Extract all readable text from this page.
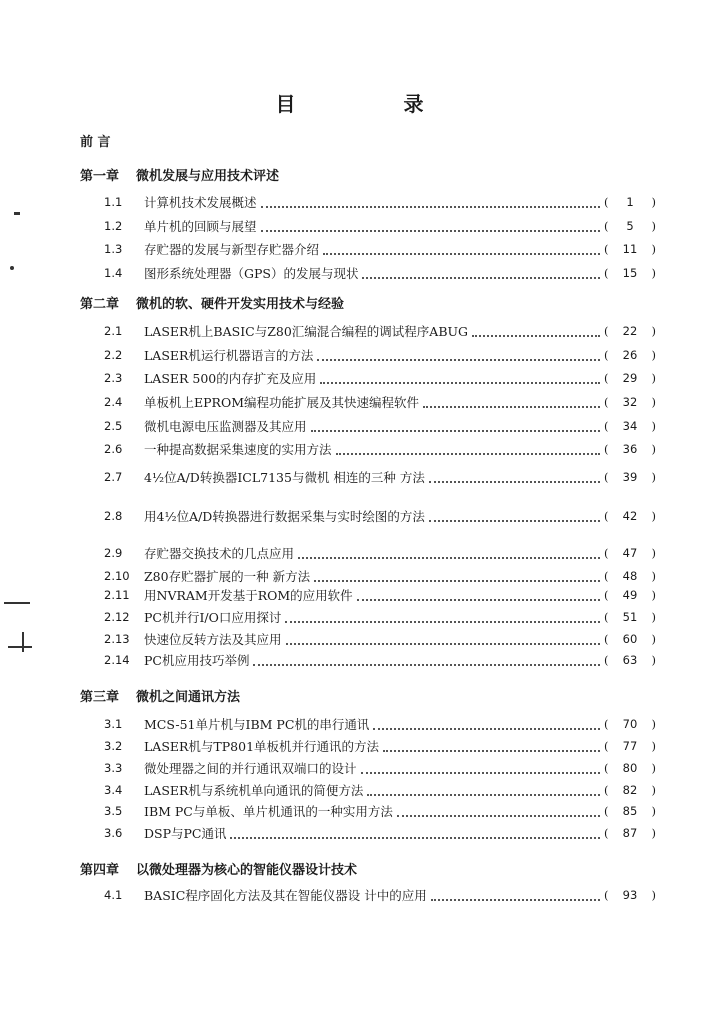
目　录
前 言
第一章 微机发展与应用技术评述
1.1	计算机技术发展概述	( 1 )
1.2	单片机的回顾与展望	( 5 )
1.3	存贮器的发展与新型存贮器介绍	( 11 )
1.4	图形系统处理器（GPS）的发展与现状	( 15 )
第二章 微机的软、硬件开发实用技术与经验
2.1	LASER机上BASIC与Z80汇编混合编程的调试程序ABUG	( 22 )
2.2	LASER机运行机器语言的方法	( 26 )
2.3	LASER 500的内存扩充及应用	( 29 )
2.4	单板机上EPROM编程功能扩展及其快速编程软件	( 32 )
2.5	微机电源电压监测器及其应用	( 34 )
2.6	一种提高数据采集速度的实用方法	( 36 )
2.7	4½位A/D转换器ICL7135与微机 相连的三种 方法	( 39 )
2.8	用4½位A/D转换器进行数据采集与实时绘图的方法	( 42 )
2.9	存贮器交换技术的几点应用	( 47 )
2.10	Z80存贮器扩展的一种 新方法	( 48 )
2.11	用NVRAM开发基于ROM的应用软件	( 49 )
2.12	PC机并行I/O口应用探讨	( 51 )
2.13	快速位反转方法及其应用	( 60 )
2.14	PC机应用技巧举例	( 63 )
第三章 微机之间通讯方法
3.1	MCS-51单片机与IBM PC机的串行通讯	( 70 )
3.2	LASER机与TP801单板机并行通讯的方法	( 77 )
3.3	微处理器之间的并行通讯双端口的设计	( 80 )
3.4	LASER机与系统机单向通讯的简便方法	( 82 )
3.5	IBM PC与单板、单片机通讯的一种实用方法	( 85 )
3.6	DSP与PC通讯	( 87 )
第四章 以微处理器为核心的智能仪器设计技术
4.1	BASIC程序固化方法及其在智能仪器设 计中的应用	( 93 )
